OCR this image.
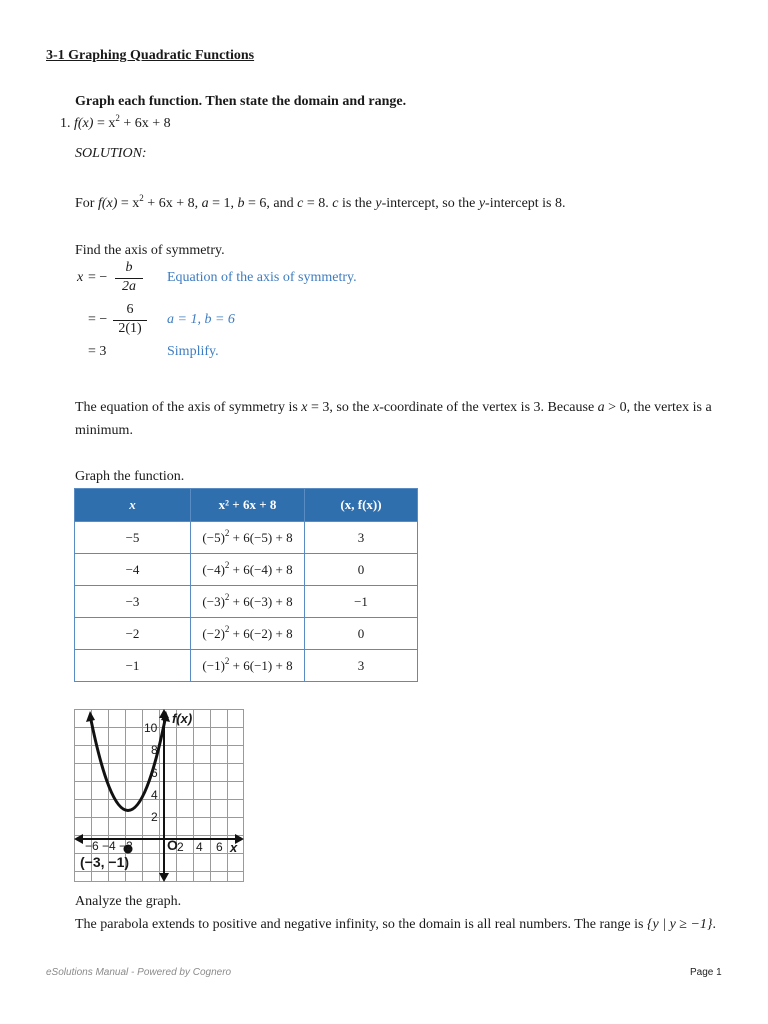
3-1 Graphing Quadratic Functions
Graph each function. Then state the domain and range.
1. $f(x) = x^2 + 6x + 8$
SOLUTION:
For $f(x) = x^2 + 6x + 8$, a = 1, b = 6, and c = 8. c is the y-intercept, so the y-intercept is 8.
Find the axis of symmetry.
x = −
b
2a
Equation of the axis of symmetry.
= −
6
2(1)
a = 1, b = 6
= 3	Simplify.
The equation of the axis of symmetry is x = 3, so the x-coordinate of the vertex is 3. Because a > 0, the vertex is a
minimum.
Graph the function.
x	x² + 6x + 8	(x, f(x))
−5	$(-5)^2 + 6(-5) + 8$	3
−4	$(-4)^2 + 6(-4) + 8$	0
−3	$(-3)^2 + 6(-3) + 8$	−1
−2	$(-2)^2 + 6(-2) + 8$	0
−1	$(-1)^2 + 6(-1) + 8$	3
f(x)
x
10
8
6
4
2
−6 −4 −2 O 2 4 6
(−3, −1)
Analyze the graph.
The parabola extends to positive and negative infinity, so the domain is all real numbers. The range is {y | y ≥ −1}.
eSolutions Manual - Powered by Cognero	Page 1
